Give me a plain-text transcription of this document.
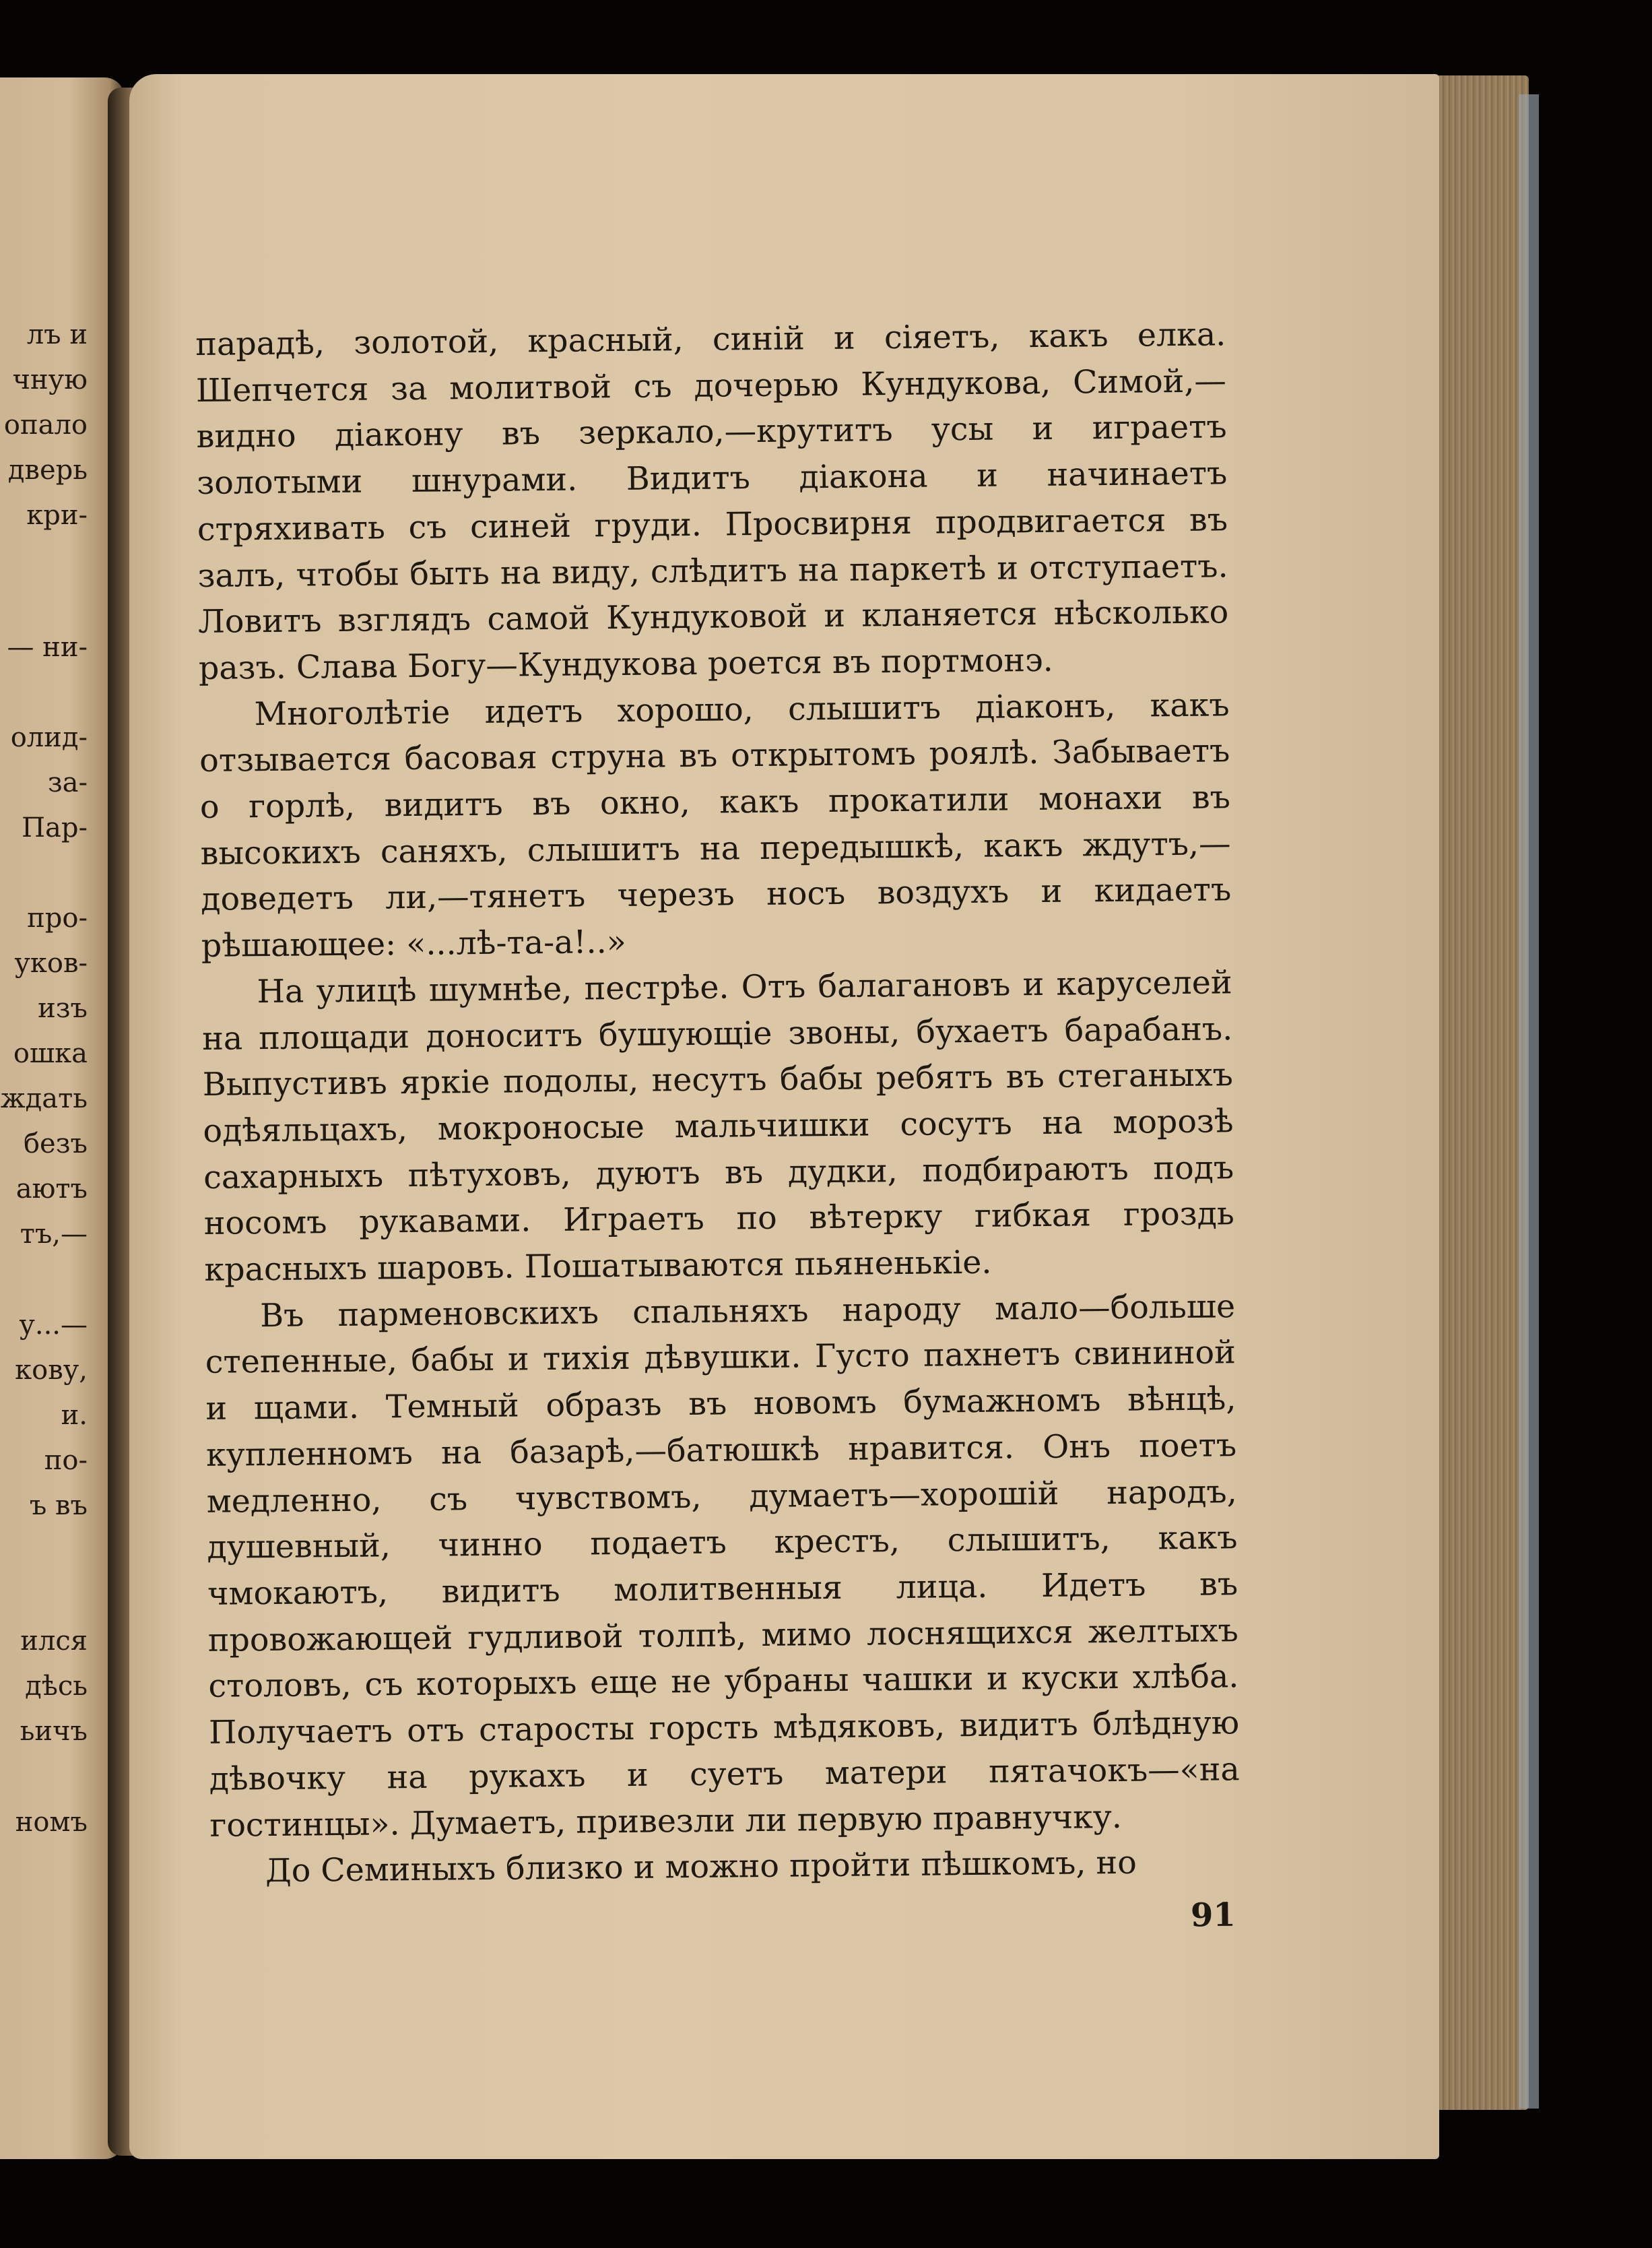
лъ и
чную
опало
дверь
кри-
— ни-
олид-
за-
Пар-
про-
уков-
изъ
ошка
ждать
безъ
аютъ
тъ,—
у...—
кову,
и.
по-
ъ въ
ился
дѣсь
ьичъ
номъ

парадѣ, золотой, красный, синій и сіяетъ, какъ елка. Шепчется за молитвой съ дочерью Кундукова, Симой,— видно діакону въ зеркало,—крутитъ усы и играетъ золотыми шнурами. Видитъ діакона и начинаетъ стряхивать съ синей груди. Просвирня продвигается въ залъ, чтобы быть на виду, слѣдитъ на паркетѣ и отступаетъ. Ловитъ взглядъ самой Кундуковой и кланяется нѣсколько разъ. Слава Богу—Кундукова роется въ портмонэ.

Многолѣтіе идетъ хорошо, слышитъ діаконъ, какъ отзывается басовая струна въ открытомъ роялѣ. Забываетъ о горлѣ, видитъ въ окно, какъ прокатили монахи въ высокихъ саняхъ, слышитъ на передышкѣ, какъ ждутъ,— доведетъ ли,—тянетъ черезъ носъ воздухъ и кидаетъ рѣшающее: «...лѣ-та-а!..»

На улицѣ шумнѣе, пестрѣе. Отъ балагановъ и каруселей на площади доноситъ бушующіе звоны, бухаетъ барабанъ. Выпустивъ яркіе подолы, несутъ бабы ребятъ въ стеганыхъ одѣяльцахъ, мокроносые мальчишки сосутъ на морозѣ сахарныхъ пѣтуховъ, дуютъ въ дудки, подбираютъ подъ носомъ рукавами. Играетъ по вѣтерку гибкая гроздь красныхъ шаровъ. Пошатываются пьяненькіе.

Въ парменовскихъ спальняхъ народу мало—больше степенные, бабы и тихія дѣвушки. Густо пахнетъ свининой и щами. Темный образъ въ новомъ бумажномъ вѣнцѣ, купленномъ на базарѣ,—батюшкѣ нравится. Онъ поетъ медленно, съ чувствомъ, думаетъ—хорошій народъ, душевный, чинно подаетъ крестъ, слышитъ, какъ чмокаютъ, видитъ молитвенныя лица. Идетъ въ провожающей гудливой толпѣ, мимо лоснящихся желтыхъ столовъ, съ которыхъ еще не убраны чашки и куски хлѣба. Получаетъ отъ старосты горсть мѣдяковъ, видитъ блѣдную дѣвочку на рукахъ и суетъ матери пятачокъ—«на гостинцы». Думаетъ, привезли ли первую правнучку.

До Семиныхъ близко и можно пройти пѣшкомъ, но

91
